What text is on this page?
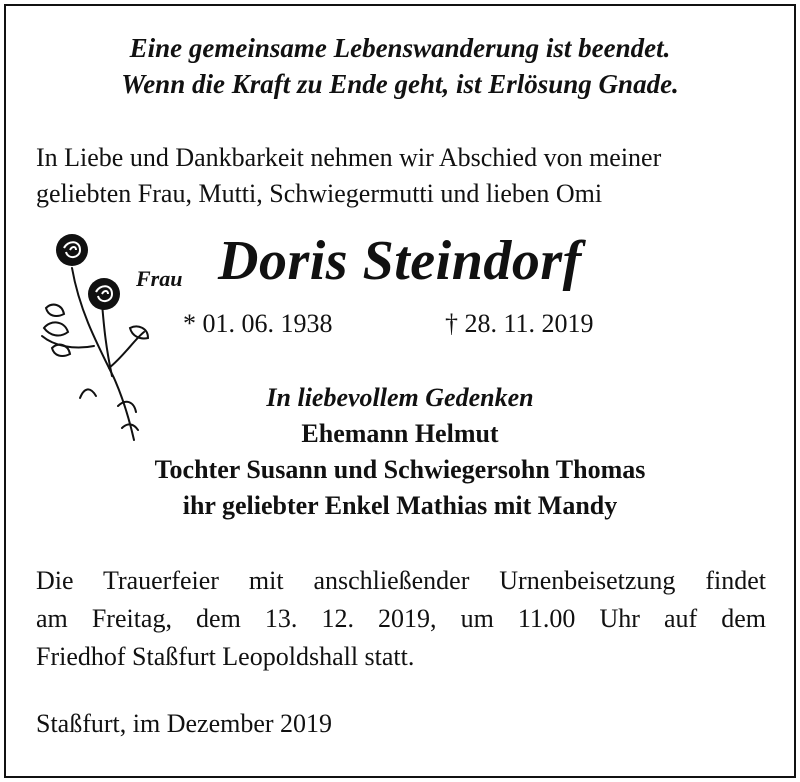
Eine gemeinsame Lebenswanderung ist beendet.
Wenn die Kraft zu Ende geht, ist Erlösung Gnade.
In Liebe und Dankbarkeit nehmen wir Abschied von meiner
geliebten Frau, Mutti, Schwiegermutti und lieben Omi
Frau Doris Steindorf
* 01. 06. 1938	† 28. 11. 2019
In liebevollem Gedenken
Ehemann Helmut
Tochter Susann und Schwiegersohn Thomas
ihr geliebter Enkel Mathias mit Mandy
Die Trauerfeier mit anschließender Urnenbeisetzung findet
am Freitag, dem 13. 12. 2019, um 11.00 Uhr auf dem
Friedhof Staßfurt Leopoldshall statt.
Staßfurt, im Dezember 2019
